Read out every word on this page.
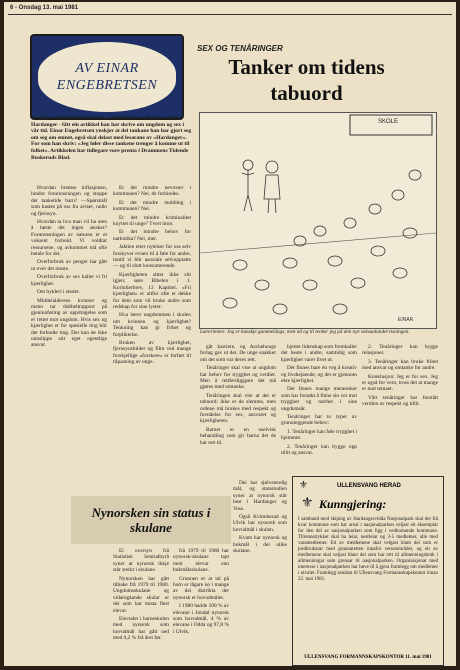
6 - Onsdag 13. mai 1981
AV EINAR ENGEBRETSEN
SEX OG TENÅRINGER
Tanker om tidens tabuord
Fra Einar Engebretsen har me - gjennom ein av lesarane våre i Hardanger - fått ein artikkel han har skrive om ungdom og sex i vår tid. Einar Engebretsen ynskjer at dei tankane han har gjort seg om seg om emnet, også skal delast med lesarane av «Hardanger». For som han skriv: «Jeg føler disse tankene trenger å komme ut til folket». Artikkelen har tidlegare vore prenta i Drammens Tidende Buskeruds Blad.

Hvordan bremse inflasjonen, hindre forurensningen og stoppe det tanketide barn? —Spørsmål som kastes på oss fra aviser, radio og fjernsyn.

Hvordan ta hva man vil ha uten å bøste det ingen ønsker? Forurensningen av naturen er et voksent forhold. Vi voldtar ressursene, og avkommet må ofte betale for det.

Overforbruk av penger har gått ut over det meste.

Overforbruk av sex kaller vi fri kjærlighet.

Om hykleri i stedet.

Middelalderens kvinner og menn tar dobbeltrapport på gjeninnføring av oppdragelse som er rettet mot ungdom. Hvis sex og kjærlighet er for spesielle ting blir det forbudte ting. Der kan de ikke unnslippe sitt eget egentlige ansvar.

Er det mindre nevroser i kommunen? Nei, de forbindes.

Er det mindre mobbing i kommunen? Nei.

Er det mindre kriminalitet knyttet til unge? Tvert imot.

Er det mindre behov for narkotika? Nei, mer.

Jaktien etter nytelser for oss selv forskyver evnen til å føle for andre, inntil vi blir asosiale selvopptatte — og til slutt konsumerende.

Kjærligheten sitter ikke sitt igjen; søre Bibelen i 1. Korintierbrev, 13 Kapittel. «Fri kjærlighet» er altfor ofte et dekke for dem som vil bruke andre som redskap for sine lyster.

Hva lærer ungdommen i skolen om kvinnen og kjærlighet? Tenkning kan gi frihet og forpliktelse.

Bruken av kjærlighet, fjernsynsbilder og film ved mange forskjellige «forskere» er forført til tilpasning av unge.

går karriere, og Aschehougs forlag gav ut det. De unge snakker om det som var deres rett.

Tenåringer skal vise at ungdom har behov for trygghet og verdier. Men å rettferdiggjøre det må gjøres med omtanke.

Tenåringen skal vite at det er tabuord: ikke er de slemme, men ordene må brukes med respekt og forståelse for sex, ansvaret og kjærligheten.

Barnet er en uselvisk behandling som gir barna det de har rett til.

hjertet lidenskap som fremkaller det beste i andre, samtidig som kjærlighet varer livet ut.

Det finnes bare én veg å kreativ og livsbejaende, og det er gjennom ekte kjærlighet.

Det finnes mange mennesker som har forsøkt å finne sin vei mot trygghet og nærhet i sine ungdomsår.

Tenåringer har to typer av grunnleggende behov:

1. Tenåringer kan føle trygghet i hjemmet.

2. Tenåringer kan bygge opp tillit og ansvar.

2. Tenåringer kan bygge relasjoner.

3. Tenåringer kan bruke frihet med ansvar og omtanke for andre.

Konklusjon: Jeg er for sex. Jeg er også for vern, tross det at mange er mot temaet.

Vårt tenåringer har forstått verdien av respekt og tillit.

SKOLE
EINAR
Lærerinnen: Jeg er kanskje gammeldags, men nå og til tenker jeg på den nye seksualundervisningen.
Nynorsken sin status i skulane

Ei oversyn frå Statistisk Sentralbyrå syner at nynorsk ikkje står sterkt i skulane.

Nynorsken har gått tilbake frå 1979 til 1980. Ungdomsskulane og vidaregåande skular er dei som har mista flest elevar.

Elevtalet i barneskulen med nynorsk som hovudmål har gått ned med 0,2 % frå året før.

frå 1979 til 1980 har nynorsk-skulane tapt meir elevar enn bokmålsskulane.

Grunnen er at tal på born er lågare no i mange av dei distrikta der nynorsk er hovudmålet.

I 1980 hadde 100 % av elevane i Jondal nynorsk som hovudmål, 4 % av elevane i Odda og 97,8 % i Ulvik.

Dei har sjølvstendig mål, og statsstudien syner at nynorsk står best i Hardanger og Voss.

Også Kvinnherad og Ulvik har nynorsk som hovudmål i skulen.

Kvam har nynorsk og bokmål i dei ulike skulane.

⚜
⚜
ULLENSVANG HERAD
Kunngjering:
I samband med skiping av Hardangervidda Nasjonalpark skal det frå kvar kommune som har areal i nasjonalparken veljast eit eksemplar for den del av nasjonalparken som ligg i vedkomande kommune. Tilrennstrykket skal ha leiar, nestleiar og 3-5 medlemer, alle med varamedlemer. Eit av medlemene skal velgast blant dei som er jordbrukarar med grunnaretten innafor verneområdet, og eit av medlemene skal veljast blant dei som har rett til allmenningsbruk i allmenningar som grensar til nasjonalparken. Organisasjonar med interesse i nasjonalparken har høve til å gjera framlegg om medlemer i utvalet. Framlegg sendast til Ullensvang Formannskapskontor innan 22. mai 1981.
ULLENSVANG FORMANNSKAPSKONTOR 11. mai 1981
